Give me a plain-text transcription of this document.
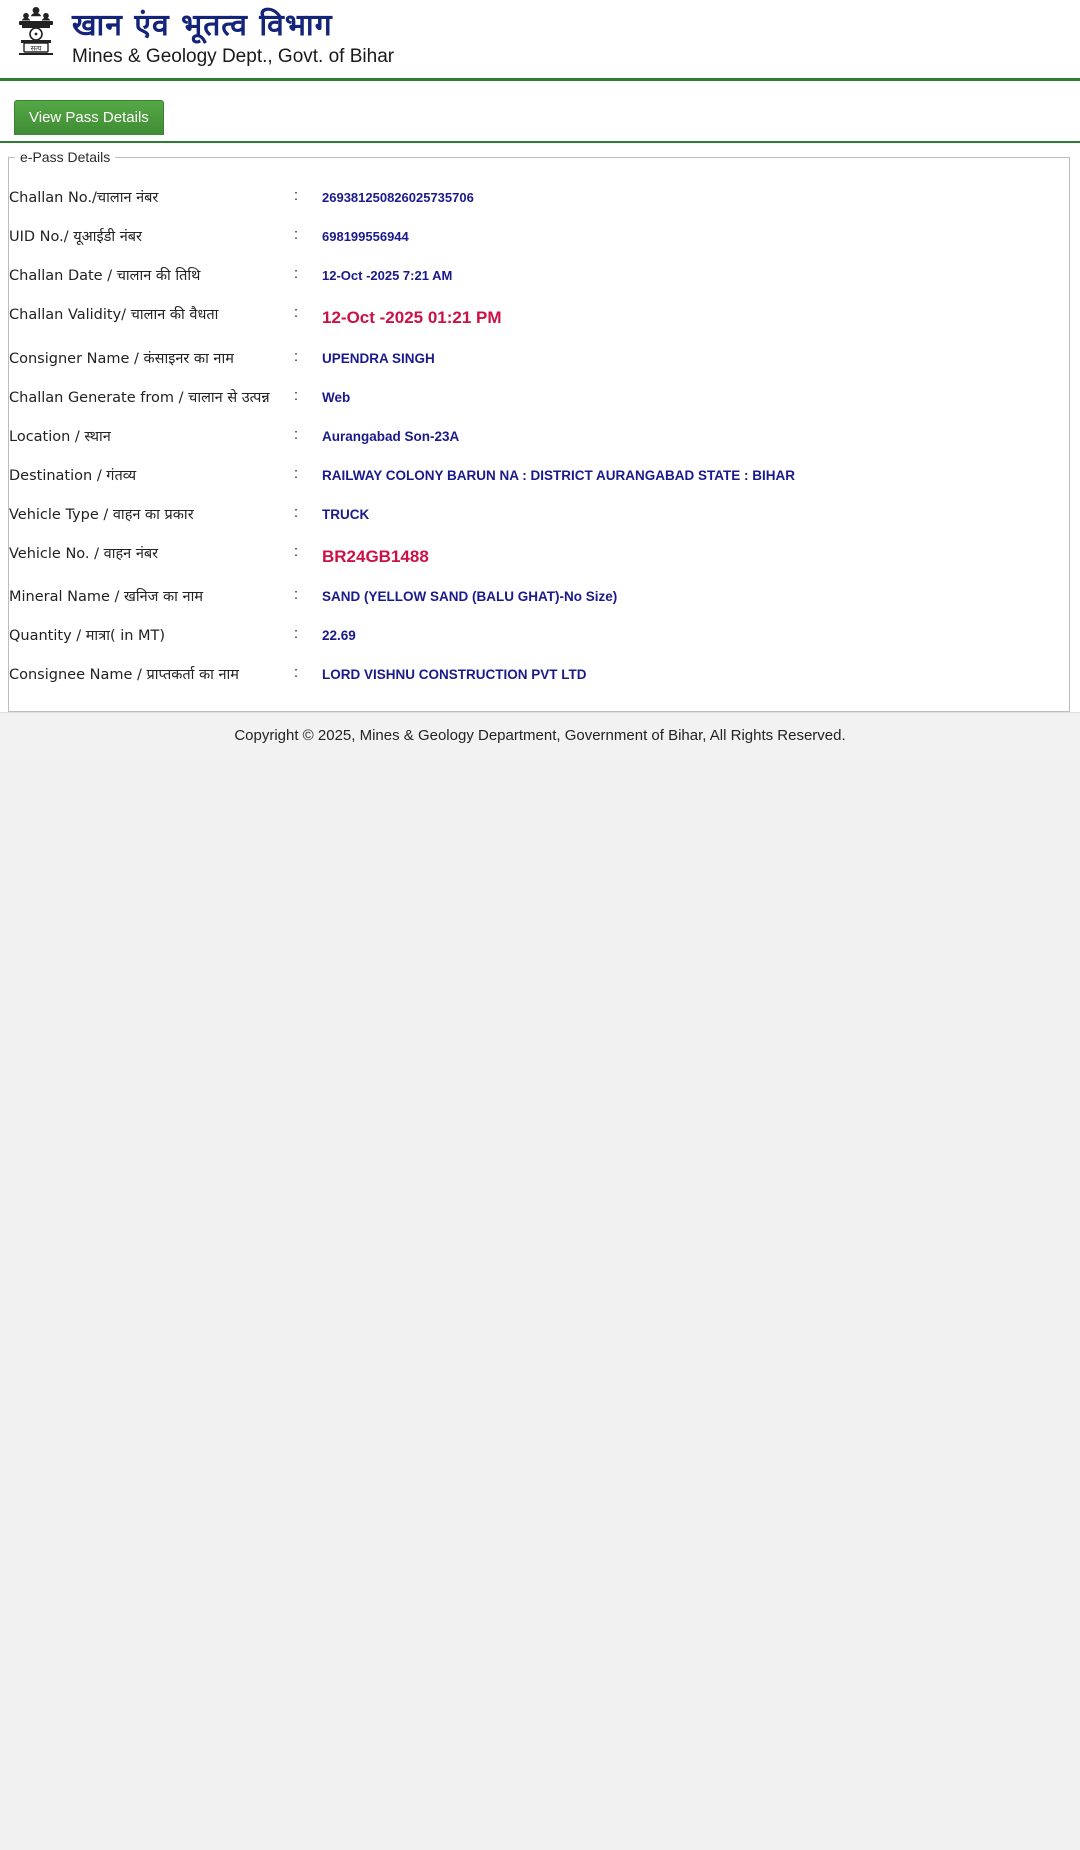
सत्य
खान एंव भूतत्व विभाग
Mines & Geology Dept., Govt. of Bihar
View Pass Details
e-Pass Details
Challan No./चालान नंबर	:	269381250826025735706
UID No./ यूआईडी नंबर	:	698199556944
Challan Date / चालान की तिथि	:	12-Oct -2025 7:21 AM
Challan Validity/ चालान की वैधता	:	12-Oct -2025 01:21 PM
Consigner Name / कंसाइनर का नाम	:	UPENDRA SINGH
Challan Generate from / चालान से उत्पन्न	:	Web
Location / स्थान	:	Aurangabad Son-23A
Destination / गंतव्य	:	RAILWAY COLONY BARUN NA : DISTRICT AURANGABAD STATE : BIHAR
Vehicle Type / वाहन का प्रकार	:	TRUCK
Vehicle No. / वाहन नंबर	:	BR24GB1488
Mineral Name / खनिज का नाम	:	SAND (YELLOW SAND (BALU GHAT)-No Size)
Quantity / मात्रा( in MT)	:	22.69
Consignee Name / प्राप्तकर्ता का नाम	:	LORD VISHNU CONSTRUCTION PVT LTD
Copyright © 2025, Mines & Geology Department, Government of Bihar, All Rights Reserved.
